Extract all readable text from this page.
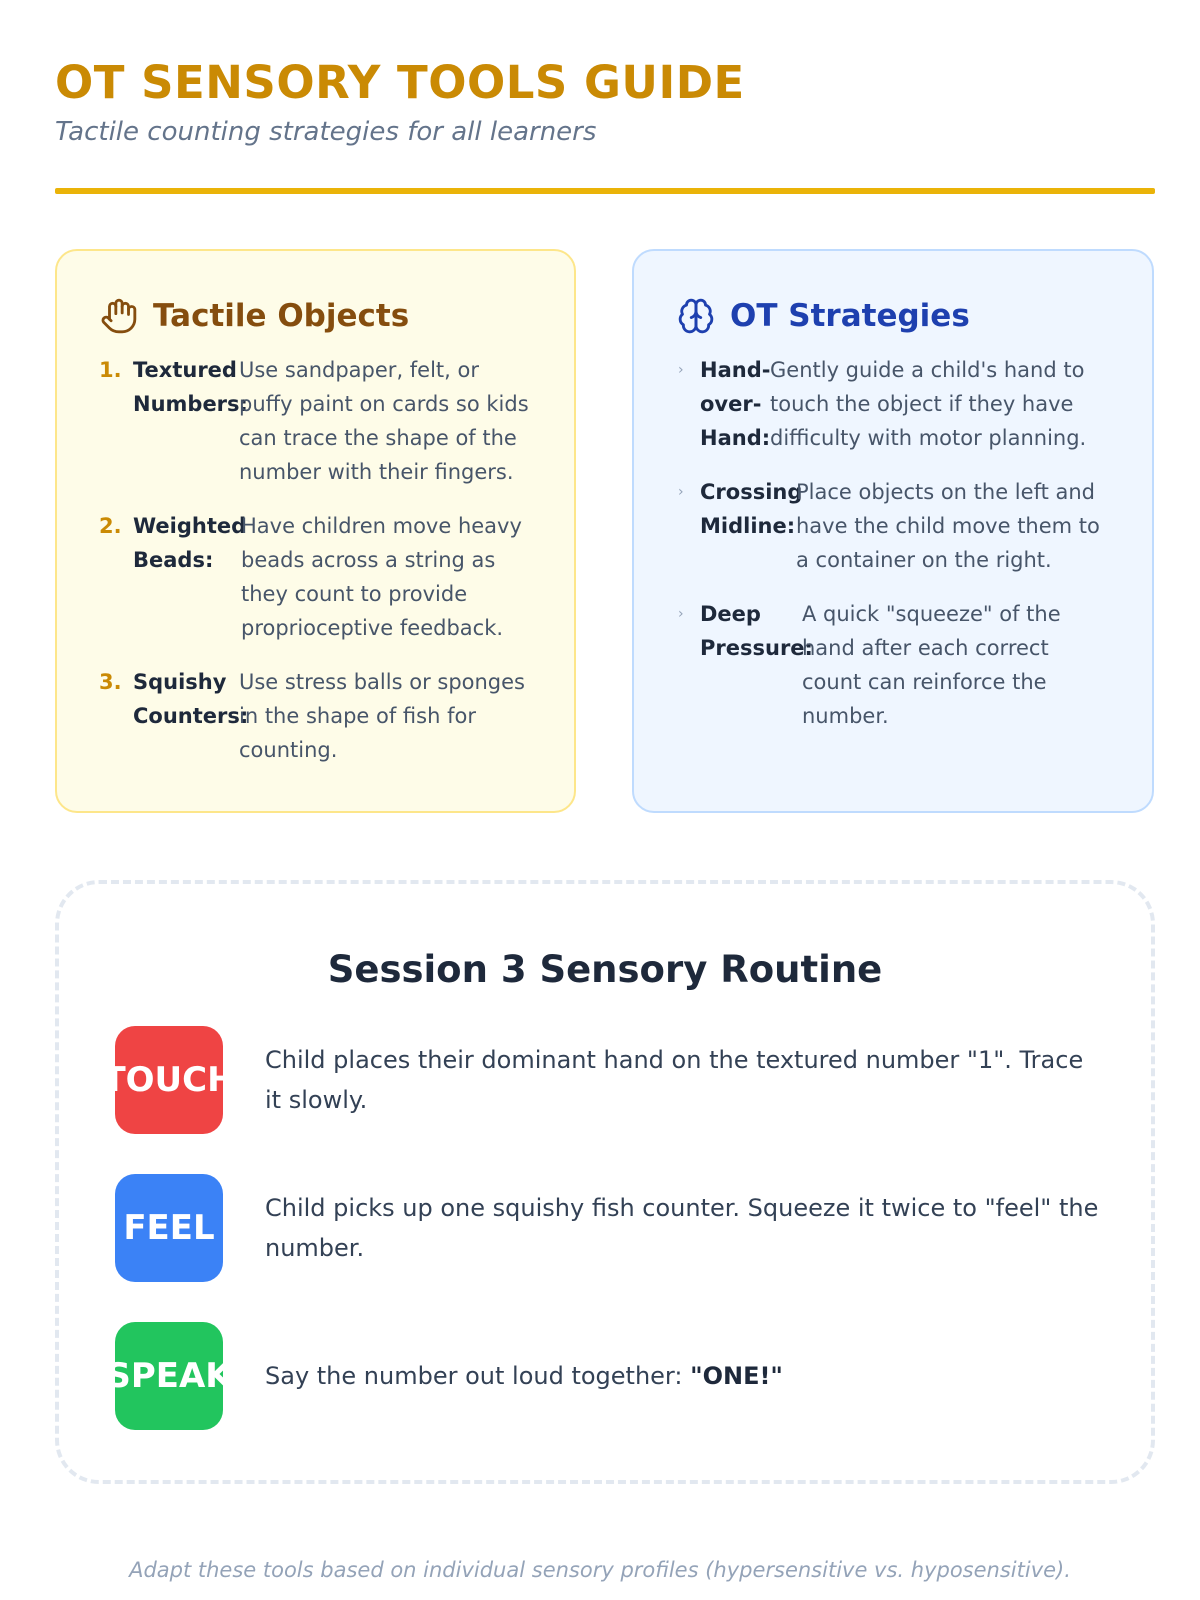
OT SENSORY TOOLS GUIDE

Tactile counting strategies for all learners

Tactile Objects
1. Textured Numbers:
Use sandpaper, felt, or puffy paint on cards so kids can trace the shape of the number with their fingers.
2. Weighted Beads:
Have children move heavy beads across a string as they count to provide proprioceptive feedback.
3. Squishy Counters:
Use stress balls or sponges in the shape of fish for counting.
OT Strategies
› Hand-over-Hand:
Gently guide a child's hand to touch the object if they have difficulty with motor planning.
› Crossing Midline:
Place objects on the left and have the child move them to a container on the right.
› Deep Pressure:
A quick "squeeze" of the hand after each correct count can reinforce the number.
Session 3 Sensory Routine
TOUCH Child places their dominant hand on the textured number "1". Trace it slowly.

FEEL Child picks up one squishy fish counter. Squeeze it twice to "feel" the number.

SPEAK Say the number out loud together: "ONE!"

Adapt these tools based on individual sensory profiles (hypersensitive vs. hyposensitive).
